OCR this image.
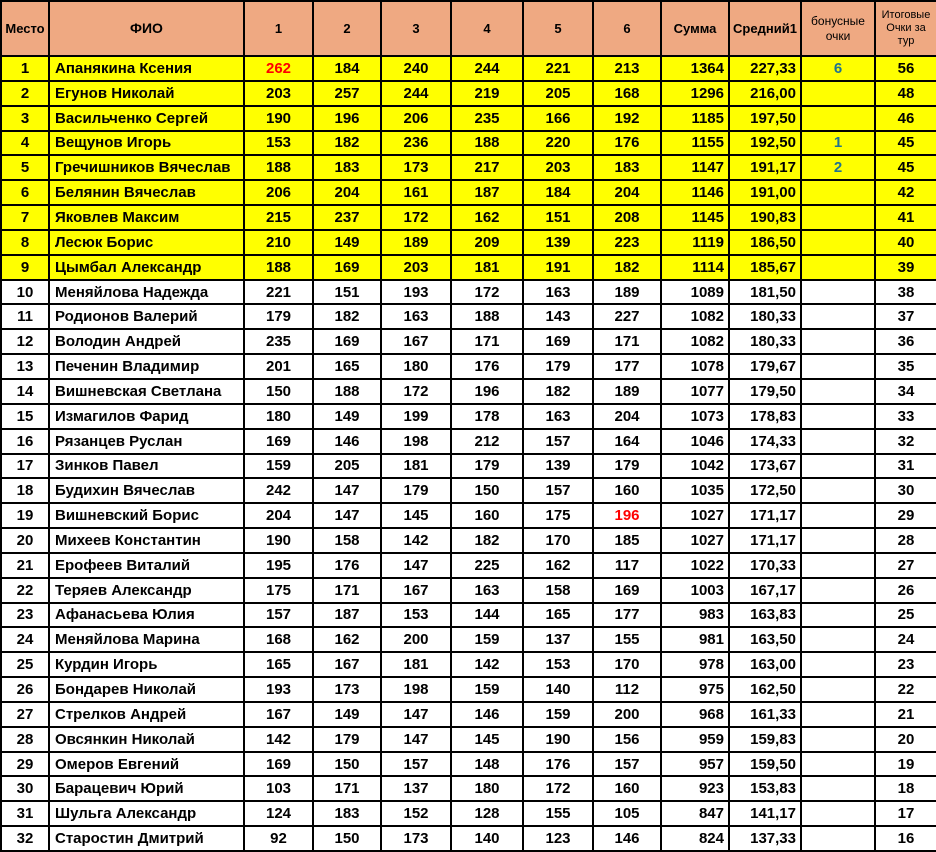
Место	ФИО	1	2	3	4	5	6	Сумма	Средний1	бонусные очки	Итоговые Очки за тур
1	Апанякина Ксения	262	184	240	244	221	213	1364	227,33	6	56
2	Егунов Николай	203	257	244	219	205	168	1296	216,00		48
3	Васильченко Сергей	190	196	206	235	166	192	1185	197,50		46
4	Вещунов Игорь	153	182	236	188	220	176	1155	192,50	1	45
5	Гречишников Вячеслав	188	183	173	217	203	183	1147	191,17	2	45
6	Белянин Вячеслав	206	204	161	187	184	204	1146	191,00		42
7	Яковлев Максим	215	237	172	162	151	208	1145	190,83		41
8	Лесюк Борис	210	149	189	209	139	223	1119	186,50		40
9	Цымбал Александр	188	169	203	181	191	182	1114	185,67		39
10	Меняйлова Надежда	221	151	193	172	163	189	1089	181,50		38
11	Родионов Валерий	179	182	163	188	143	227	1082	180,33		37
12	Володин Андрей	235	169	167	171	169	171	1082	180,33		36
13	Печенин Владимир	201	165	180	176	179	177	1078	179,67		35
14	Вишневская Светлана	150	188	172	196	182	189	1077	179,50		34
15	Измагилов Фарид	180	149	199	178	163	204	1073	178,83		33
16	Рязанцев Руслан	169	146	198	212	157	164	1046	174,33		32
17	Зинков Павел	159	205	181	179	139	179	1042	173,67		31
18	Будихин Вячеслав	242	147	179	150	157	160	1035	172,50		30
19	Вишневский Борис	204	147	145	160	175	196	1027	171,17		29
20	Михеев Константин	190	158	142	182	170	185	1027	171,17		28
21	Ерофеев Виталий	195	176	147	225	162	117	1022	170,33		27
22	Теряев Александр	175	171	167	163	158	169	1003	167,17		26
23	Афанасьева Юлия	157	187	153	144	165	177	983	163,83		25
24	Меняйлова Марина	168	162	200	159	137	155	981	163,50		24
25	Курдин Игорь	165	167	181	142	153	170	978	163,00		23
26	Бондарев Николай	193	173	198	159	140	112	975	162,50		22
27	Стрелков Андрей	167	149	147	146	159	200	968	161,33		21
28	Овсянкин Николай	142	179	147	145	190	156	959	159,83		20
29	Омеров Евгений	169	150	157	148	176	157	957	159,50		19
30	Барацевич Юрий	103	171	137	180	172	160	923	153,83		18
31	Шульга Александр	124	183	152	128	155	105	847	141,17		17
32	Старостин Дмитрий	92	150	173	140	123	146	824	137,33		16
